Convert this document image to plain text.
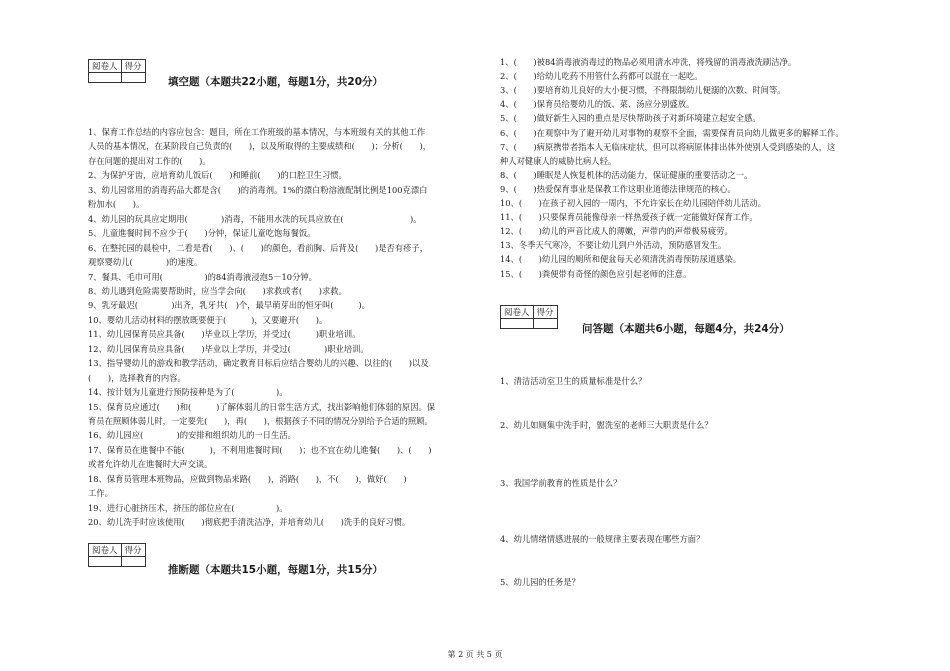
阅卷人	得分

填空题（本题共22小题，每题1分，共20分）
1、保育工作总结的内容应包含：题目，所在工作班级的基本情况，与本班级有关的其他工作
人员的基本情况，在某阶段自己负责的(　　)，以及所取得的主要成绩和(　　)；分析(　　)，
存在问题的提出对工作的(　　)。
2、为保护牙齿，应培育幼儿饭后(　　)和睡前(　　)的口腔卫生习惯。
3、幼儿园常用的消毒药品大都是含(　　)的消毒剂。1%的漂白粉溶液配制比例是100克漂白
粉加水(　　)。
4、幼儿园的玩具应定期用(　　　　)消毒，不能用水洗的玩具应放在(　　　　　　　　)。
5、儿童進餐时间不应少于(　　)分钟，保证儿童吃饱每餐饭。
6、在整托园的晨检中，二看是看(　　)、(　　)的颜色，看前胸、后背及(　　)是否有疹子，
观察婴幼儿(　　　　)的速度。
7、餐具、毛巾可用(　　　　　)的84消毒液浸泡5－10分钟。
8、幼儿遇到危险需要帮助时，应当学会向(　　)求救或者(　　)求救。
9、乳牙最迟(　　　　)出齐，乳牙共(　)个，最早萌芽出的恒牙叫(　　　)。
10、婴幼儿活动材料的摆放既要便于(　　　)，又要避开(　　)。
11、幼儿园保育员应具备(　　)毕业以上学历，并受过(　　　)职业培训。
12、幼儿园保育员应具备(　　)毕业以上学历，并受过(　　　　)职业培训。
13、指导婴幼儿的游戏和教学活动，确定教育目标后应结合婴幼儿的兴趣、以往的(　　)以及
(　　)，选择教育的内容。
14、按计划为儿童进行预防接种是为了(　　　　　)。
15、保育员应通过(　　)和(　　　)了解体弱儿的日常生活方式，找出影响他们体弱的原因。保
育员在照顾体弱儿时，一定要先(　　)，再(　　)，根据孩子不同的情况分别给予合适的照顾。
16、幼儿园应(　　　　)的安排和组织幼儿的一日生活。
17、保育员在進餐中不能(　　　)，不利用進餐时间(　　)；也不宜在幼儿進餐(　　)、(　　)
或者允许幼儿在進餐时大声交谈。
18、保育员管理本班物品，应做到物品来路(　　)，消路(　　)，不(　　)，做好(　　)
工作。
19、进行心脏挤压术，挤压的部位应在(　　　　　)。
20、幼儿洗手时应该使用(　　)彻底把手清洗洁净，并培育幼儿(　　)洗手的良好习惯。
阅卷人	得分

推断题（本题共15小题，每题1分，共15分）
1、(　　)被84消毒液消毒过的物品必须用清水冲洗，将残留的消毒液洗刷洁净。
2、(　　)给幼儿吃药不用管什么药都可以混在一起吃。
3、(　　)要培育幼儿良好的大小便习惯，不得限制幼儿便溺的次数、时间等。
4、(　　)保育员给婴幼儿的饭、菜、汤应分别盛放。
5、(　　)做好新生入园的重点是尽快帮助孩子对新环境建立起安全感。
6、(　　)在观察中为了避开幼儿对事物的观察不全面，需要保育员向幼儿做更多的解释工作。
7、(　　)病原携带者指本人无临床症状，但可以将病原体排出体外使别人受到感染的人，这
种人对健康人的威胁比病人轻。
8、(　　)睡眠是人恢复机体的活动能力，保证健康的重要活动之一。
9、(　　)热爱保育事业是保教工作这职业道德法律规范的核心。
10、(　　)在孩子初入园的一周内，不允许家长在幼儿园陪伴幼儿活动。
11、(　　)只要保育员能像母亲一样热爱孩子就一定能做好保育工作。
12、(　　)幼儿的声音比成人的薄嫩，声带内的声带极易疲劳。
13、冬季天气寒冷，不要让幼儿到户外活动，预防感冒发生。
14、(　　)幼儿园的厕所和便盆每天必须清洗消毒预防尿道感染。
15、(　　)粪便带有奇怪的颜色应引起老师的注意。
阅卷人	得分

问答题（本题共6小题，每题4分，共24分）
1、清洁活动室卫生的质量标准是什么？
2、幼儿如厕集中洗手时，盥洗室的老师三大职责是什么？
3、我国学前教育的性质是什么？
4、幼儿情绪情感进展的一般规律主要表现在哪些方面？
5、幼儿园的任务是？
第 2 页 共 5 页
